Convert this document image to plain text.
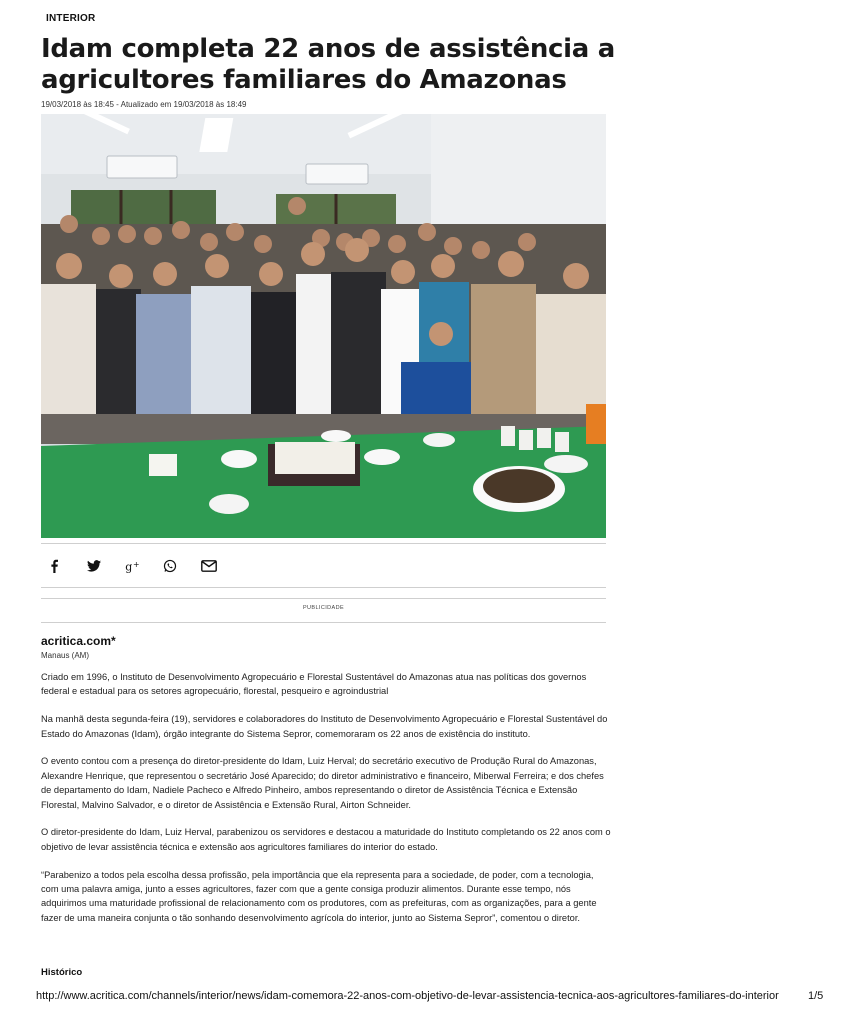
INTERIOR
Idam completa 22 anos de assistência a agricultores familiares do Amazonas
19/03/2018 às 18:45 - Atualizado em 19/03/2018 às 18:49
g +
PUBLICIDADE
acritica.com*
Manaus (AM)

Criado em 1996, o Instituto de Desenvolvimento Agropecuário e Florestal Sustentável do Amazonas atua nas políticas dos governos federal e estadual para os setores agropecuário, florestal, pesqueiro e agroindustrial

Na manhã desta segunda-feira (19), servidores e colaboradores do Instituto de Desenvolvimento Agropecuário e Florestal Sustentável do Estado do Amazonas (Idam), órgão integrante do Sistema Sepror, comemoraram os 22 anos de existência do instituto.

O evento contou com a presença do diretor-presidente do Idam, Luiz Herval; do secretário executivo de Produção Rural do Amazonas, Alexandre Henrique, que representou o secretário José Aparecido; do diretor administrativo e financeiro, Miberwal Ferreira; e dos chefes de departamento do Idam, Nadiele Pacheco e Alfredo Pinheiro, ambos representando o diretor de Assistência Técnica e Extensão Florestal, Malvino Salvador, e o diretor de Assistência e Extensão Rural, Airton Schneider.

O diretor-presidente do Idam, Luiz Herval, parabenizou os servidores e destacou a maturidade do Instituto completando os 22 anos com o objetivo de levar assistência técnica e extensão aos agricultores familiares do interior do estado.

“Parabenizo a todos pela escolha dessa profissão, pela importância que ela representa para a sociedade, de poder, com a tecnologia, com uma palavra amiga, junto a esses agricultores, fazer com que a gente consiga produzir alimentos. Durante esse tempo, nós adquirimos uma maturidade profissional de relacionamento com os produtores, com as prefeituras, com as organizações, para a gente fazer de uma maneira conjunta o tão sonhando desenvolvimento agrícola do interior, junto ao Sistema Sepror”, comentou o diretor.

Histórico
http://www.acritica.com/channels/interior/news/idam-comemora-22-anos-com-objetivo-de-levar-assistencia-tecnica-aos-agricultores-familiares-do-interior	1/5
